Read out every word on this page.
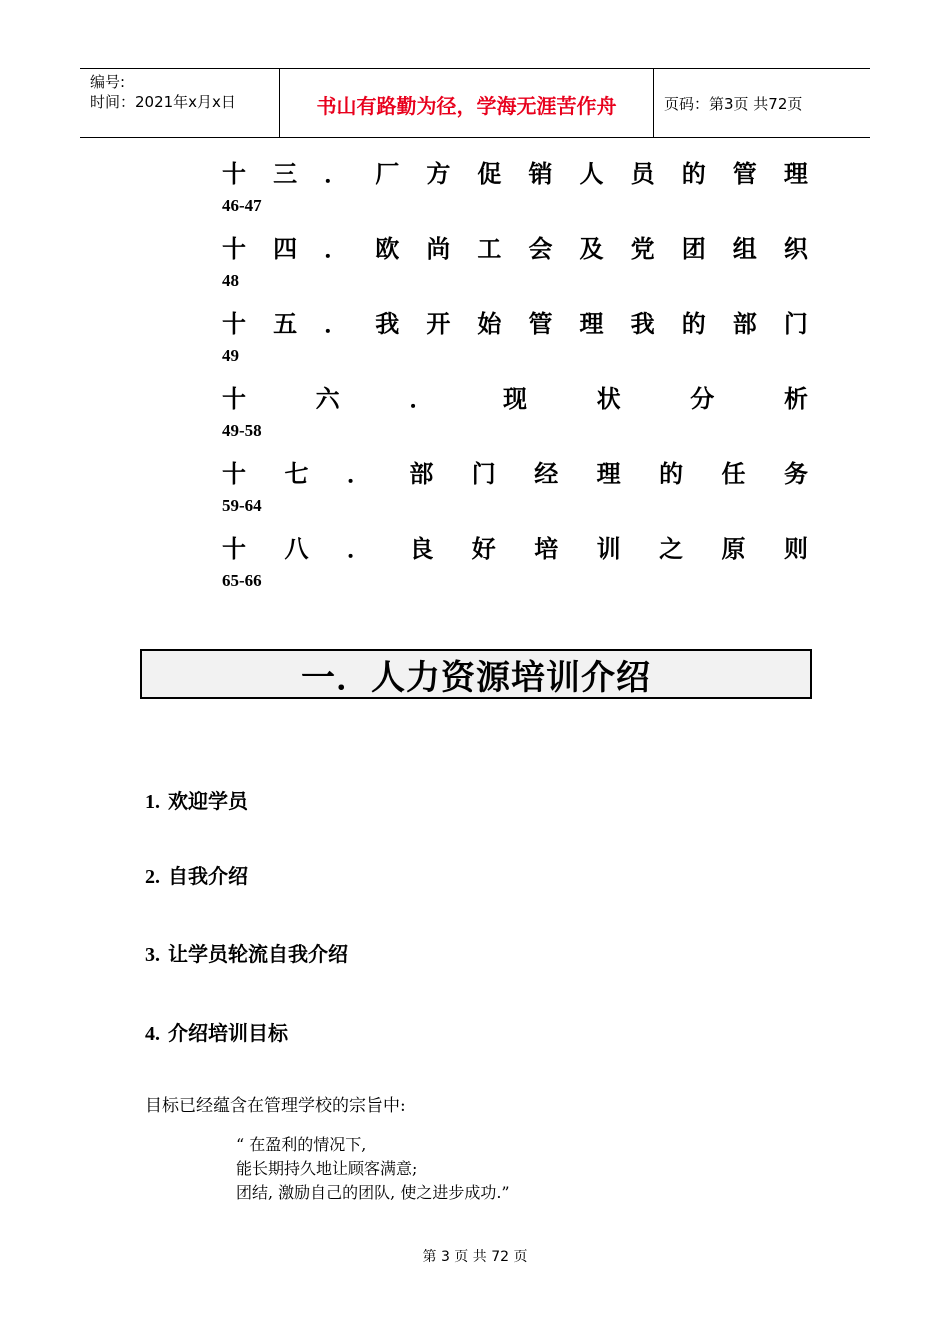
编号:
时间：2021年x月x日	书山有路勤为径，学海无涯苦作舟	页码：第3页 共72页
十 三 ． 厂 方 促 销 人 员 的 管 理
46-47
十 四 ． 欧 尚 工 会 及 党 团 组 织
48
十 五 ． 我 开 始 管 理 我 的 部 门
49
十	六	．	现	状	分	析
49-58
十 七 ． 部 门 经 理 的 任 务
59-64
十 八 ． 良 好 培 训 之 原 则
65-66
一．人力资源培训介绍
1. 欢迎学员
2. 自我介绍
3. 让学员轮流自我介绍
4. 介绍培训目标
目标已经蕴含在管理学校的宗旨中:
“ 在盈利的情况下,
能长期持久地让顾客满意;
团结, 激励自己的团队, 使之进步成功.”
第 3 页 共 72 页
